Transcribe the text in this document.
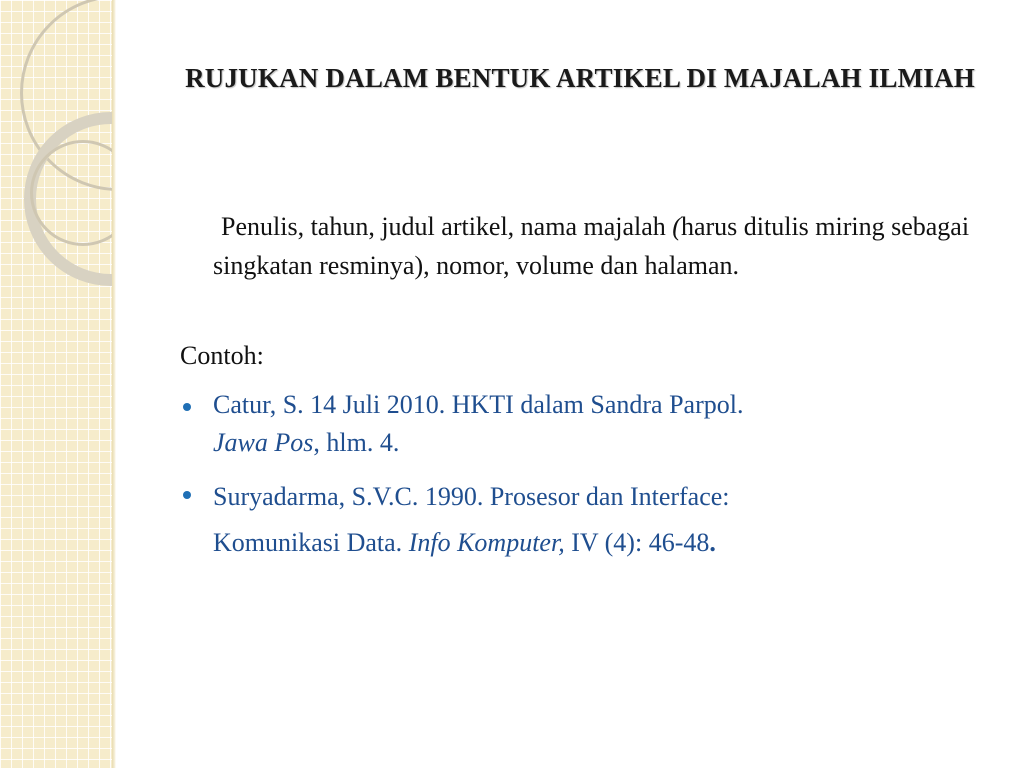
RUJUKAN DALAM BENTUK ARTIKEL DI MAJALAH ILMIAH
Penulis, tahun, judul artikel, nama majalah (harus ditulis miring sebagai singkatan resminya), nomor, volume dan halaman.
Contoh:
Catur, S. 14 Juli 2010. HKTI dalam Sandra Parpol.
Jawa Pos, hlm. 4.
Suryadarma, S.V.C. 1990. Prosesor dan Interface:
Komunikasi Data. Info Komputer, IV (4): 46-48.
